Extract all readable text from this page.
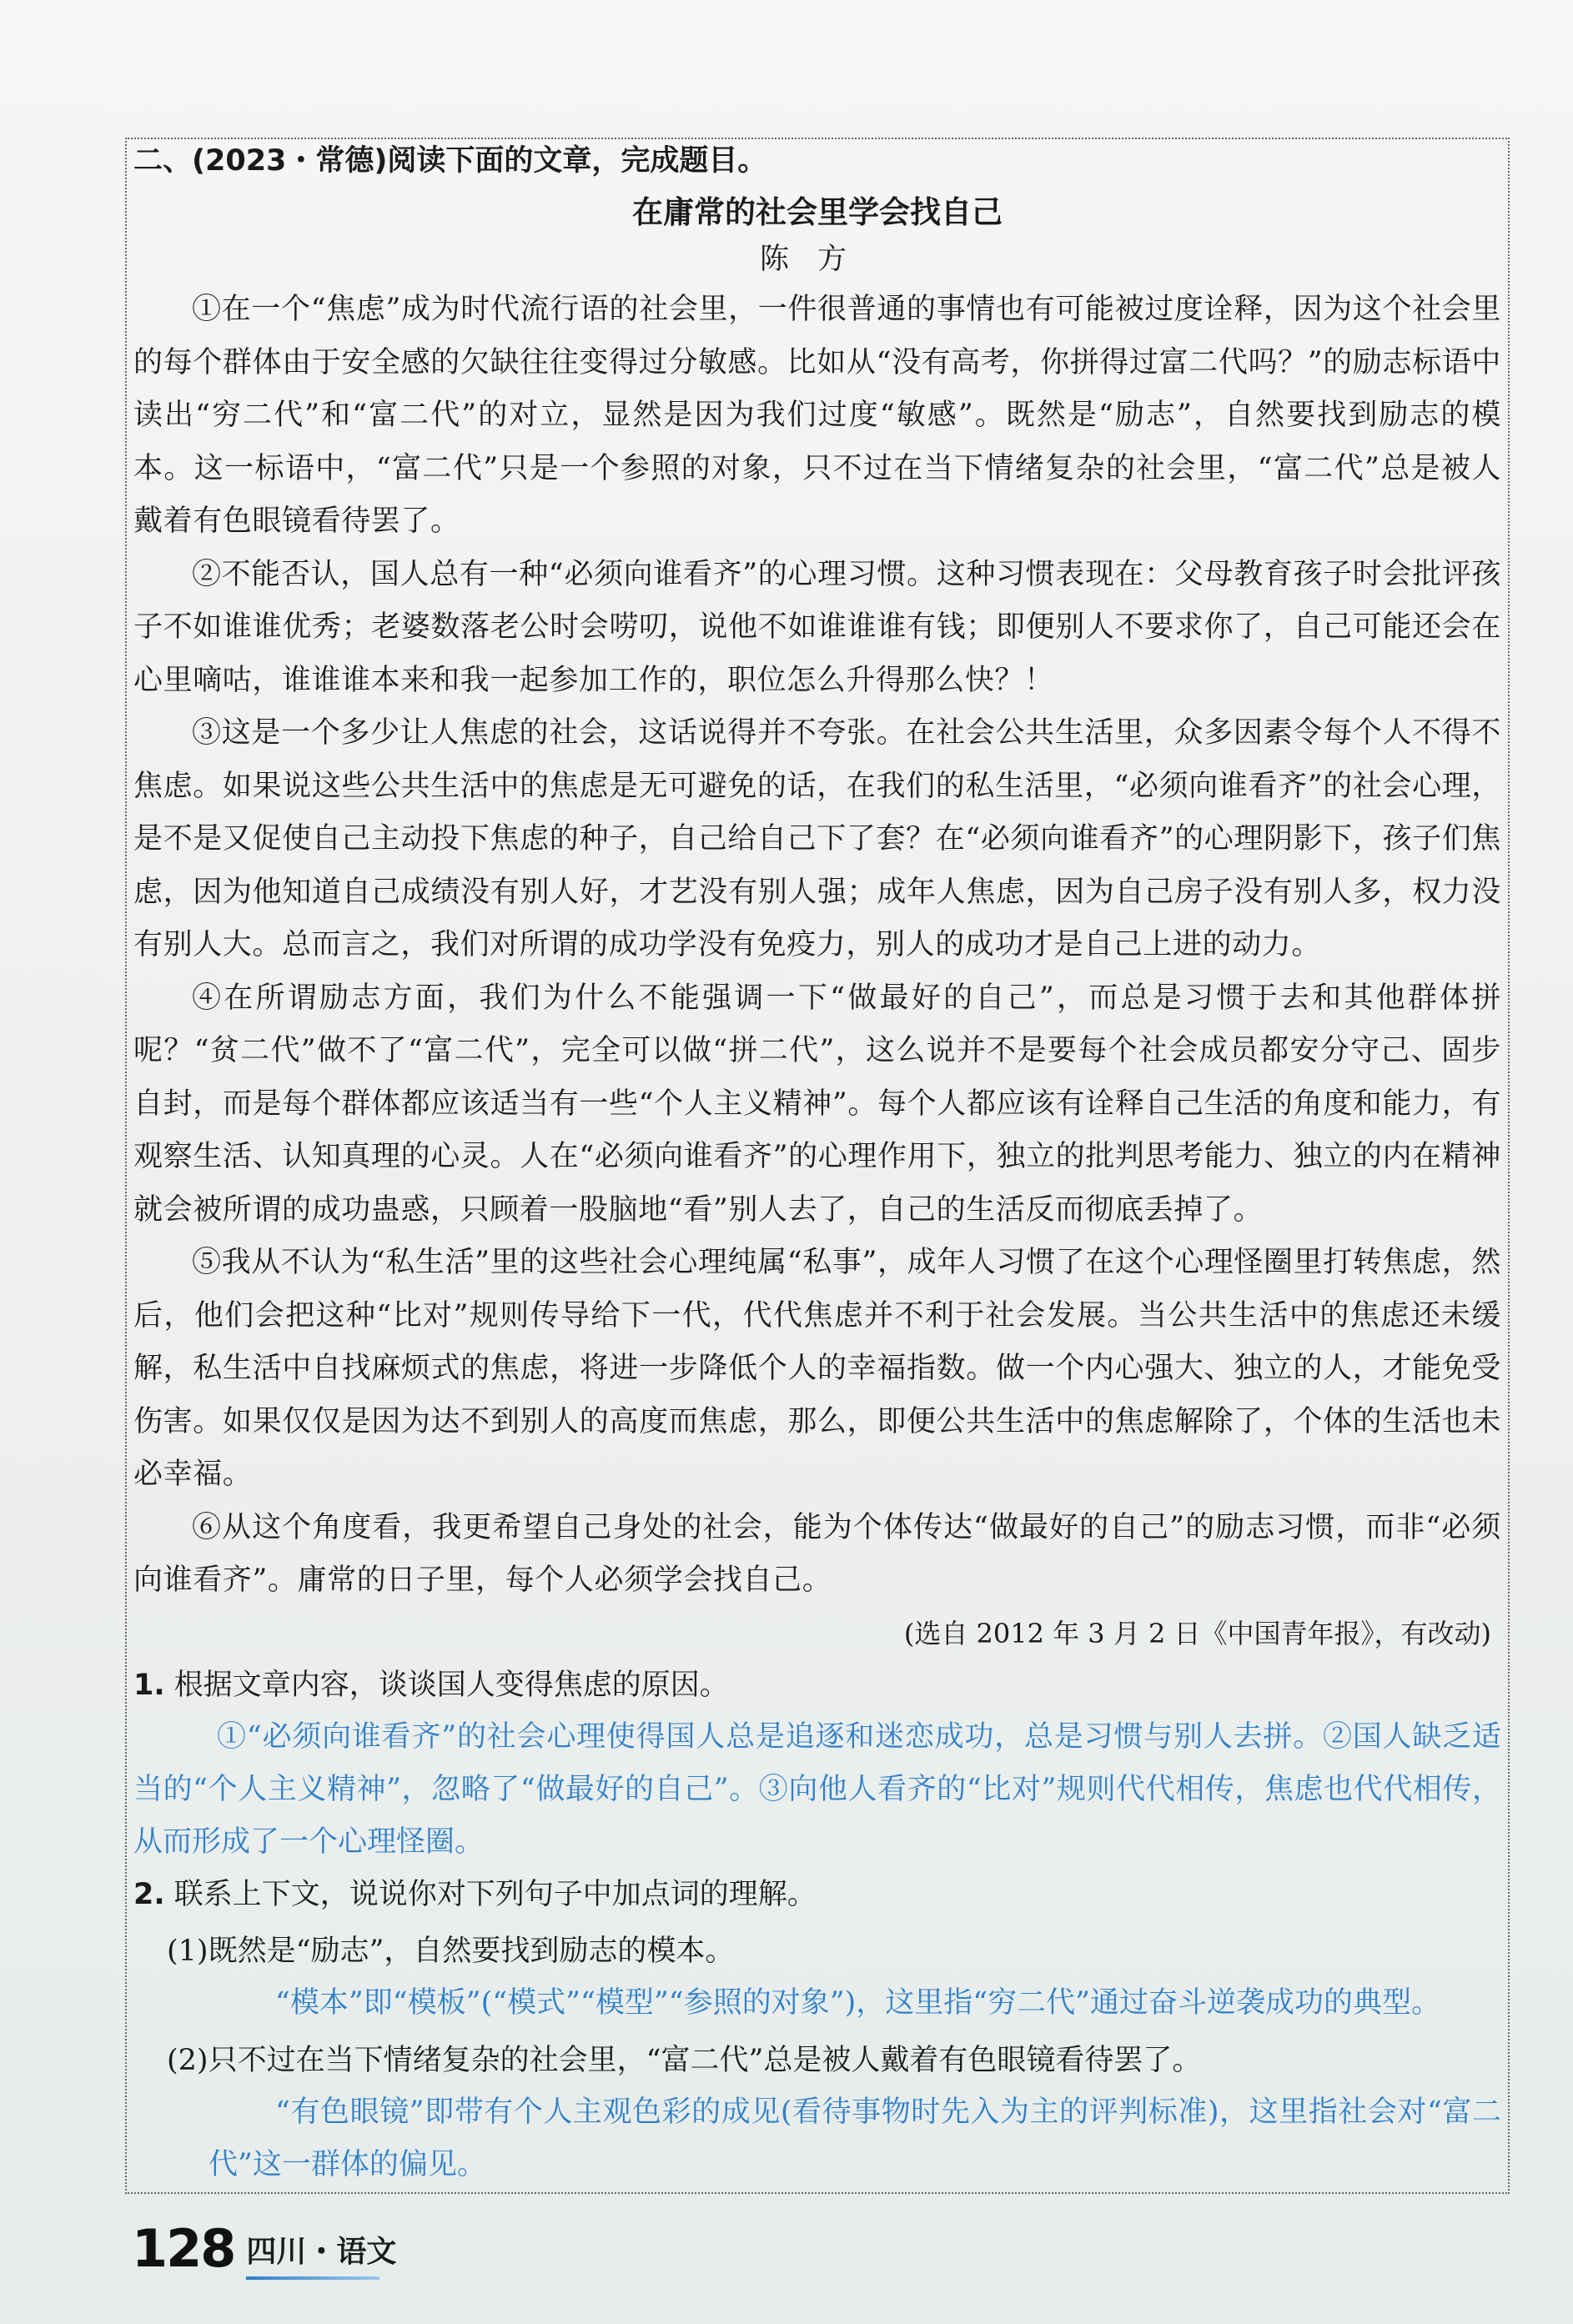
二、(2023・常德)阅读下面的文章，完成题目。
在庸常的社会里学会找自己
陈方

①在一个“焦虑”成为时代流行语的社会里，一件很普通的事情也有可能被过度诠释，因为这个社会里的每个群体由于安全感的欠缺往往变得过分敏感。比如从“没有高考，你拼得过富二代吗？”的励志标语中读出“穷二代”和“富二代”的对立，显然是因为我们过度“敏感”。既然是“励志”，自然要找到励志的模本。这一标语中，“富二代”只是一个参照的对象，只不过在当下情绪复杂的社会里，“富二代”总是被人戴着有色眼镜看待罢了。

②不能否认，国人总有一种“必须向谁看齐”的心理习惯。这种习惯表现在：父母教育孩子时会批评孩子不如谁谁优秀；老婆数落老公时会唠叨，说他不如谁谁谁有钱；即便别人不要求你了，自己可能还会在心里嘀咕，谁谁谁本来和我一起参加工作的，职位怎么升得那么快？！

③这是一个多少让人焦虑的社会，这话说得并不夸张。在社会公共生活里，众多因素令每个人不得不焦虑。如果说这些公共生活中的焦虑是无可避免的话，在我们的私生活里，“必须向谁看齐”的社会心理，是不是又促使自己主动投下焦虑的种子，自己给自己下了套？在“必须向谁看齐”的心理阴影下，孩子们焦虑，因为他知道自己成绩没有别人好，才艺没有别人强；成年人焦虑，因为自己房子没有别人多，权力没有别人大。总而言之，我们对所谓的成功学没有免疫力，别人的成功才是自己上进的动力。

④在所谓励志方面，我们为什么不能强调一下“做最好的自己”，而总是习惯于去和其他群体拼呢？“贫二代”做不了“富二代”，完全可以做“拼二代”，这么说并不是要每个社会成员都安分守己、固步自封，而是每个群体都应该适当有一些“个人主义精神”。每个人都应该有诠释自己生活的角度和能力，有观察生活、认知真理的心灵。人在“必须向谁看齐”的心理作用下，独立的批判思考能力、独立的内在精神就会被所谓的成功蛊惑，只顾着一股脑地“看”别人去了，自己的生活反而彻底丢掉了。

⑤我从不认为“私生活”里的这些社会心理纯属“私事”，成年人习惯了在这个心理怪圈里打转焦虑，然后，他们会把这种“比对”规则传导给下一代，代代焦虑并不利于社会发展。当公共生活中的焦虑还未缓解，私生活中自找麻烦式的焦虑，将进一步降低个人的幸福指数。做一个内心强大、独立的人，才能免受伤害。如果仅仅是因为达不到别人的高度而焦虑，那么，即便公共生活中的焦虑解除了，个体的生活也未必幸福。

⑥从这个角度看，我更希望自己身处的社会，能为个体传达“做最好的自己”的励志习惯，而非“必须向谁看齐”。庸常的日子里，每个人必须学会找自己。

(选自 2012 年 3 月 2 日《中国青年报》，有改动)

1. 根据文章内容，谈谈国人变得焦虑的原因。

①“必须向谁看齐”的社会心理使得国人总是追逐和迷恋成功，总是习惯与别人去拼。②国人缺乏适当的“个人主义精神”，忽略了“做最好的自己”。③向他人看齐的“比对”规则代代相传，焦虑也代代相传，从而形成了一个心理怪圈。

2. 联系上下文，说说你对下列句子中加点词的理解。

(1)既然是“励志”，自然要找到励志的模本。

“模本”即“模板”(“模式”“模型”“参照的对象”)，这里指“穷二代”通过奋斗逆袭成功的典型。

(2)只不过在当下情绪复杂的社会里，“富二代”总是被人戴着有色眼镜看待罢了。

“有色眼镜”即带有个人主观色彩的成见(看待事物时先入为主的评判标准)，这里指社会对“富二代”这一群体的偏见。

128 四川・语文
